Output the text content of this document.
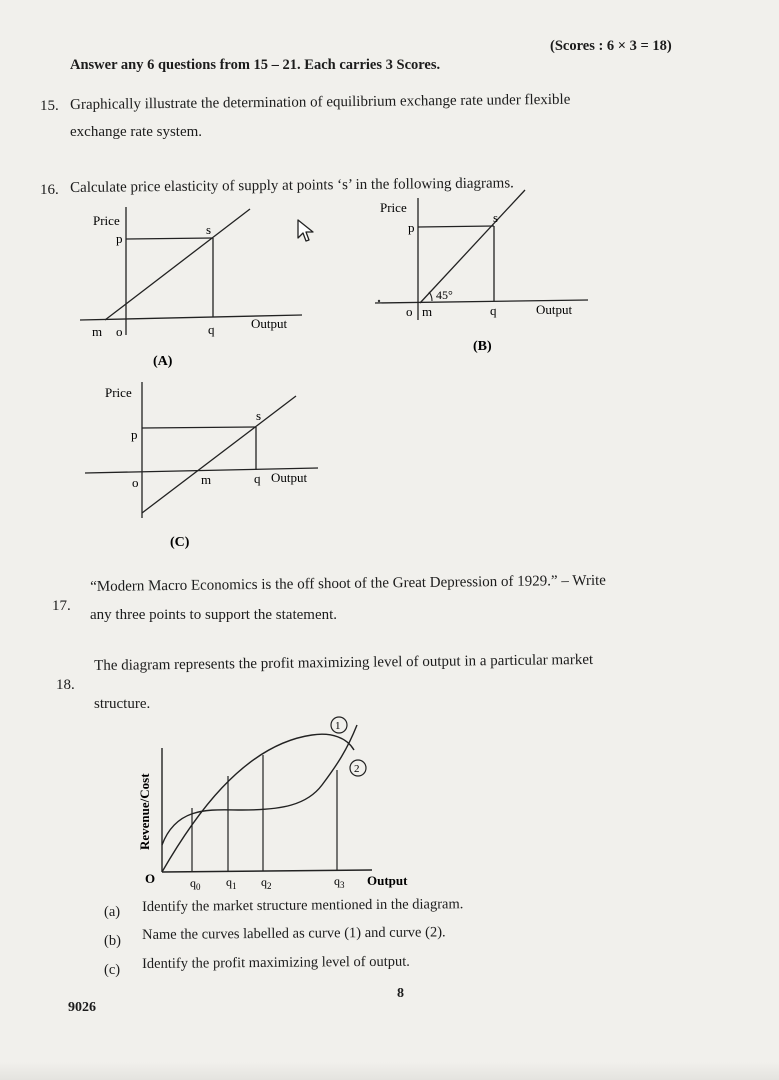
Answer any 6 questions from 15 – 21. Each carries 3 Scores.
(Scores : 6 × 3 = 18)
15. Graphically illustrate the determination of equilibrium exchange rate under flexible
exchange rate system.
16. Calculate price elasticity of supply at points ‘s’ in the following diagrams.
Price
p
s
m o	q	Output
(A)
Price
p
s
45°
o m	q	Output
(B)
Price
p
s
o	m	q Output
(C)
17.
“Modern Macro Economics is the off shoot of the Great Depression of 1929.” – Write
any three points to support the statement.
18.
The diagram represents the profit maximizing level of output in a particular market
structure.
1
2
Revenue/Cost
O	$q_0$ $q_1$ $q_2$	$q_3$ Output
(a) Identify the market structure mentioned in the diagram.
(b) Name the curves labelled as curve (1) and curve (2).
(c) Identify the profit maximizing level of output.
9026
8
